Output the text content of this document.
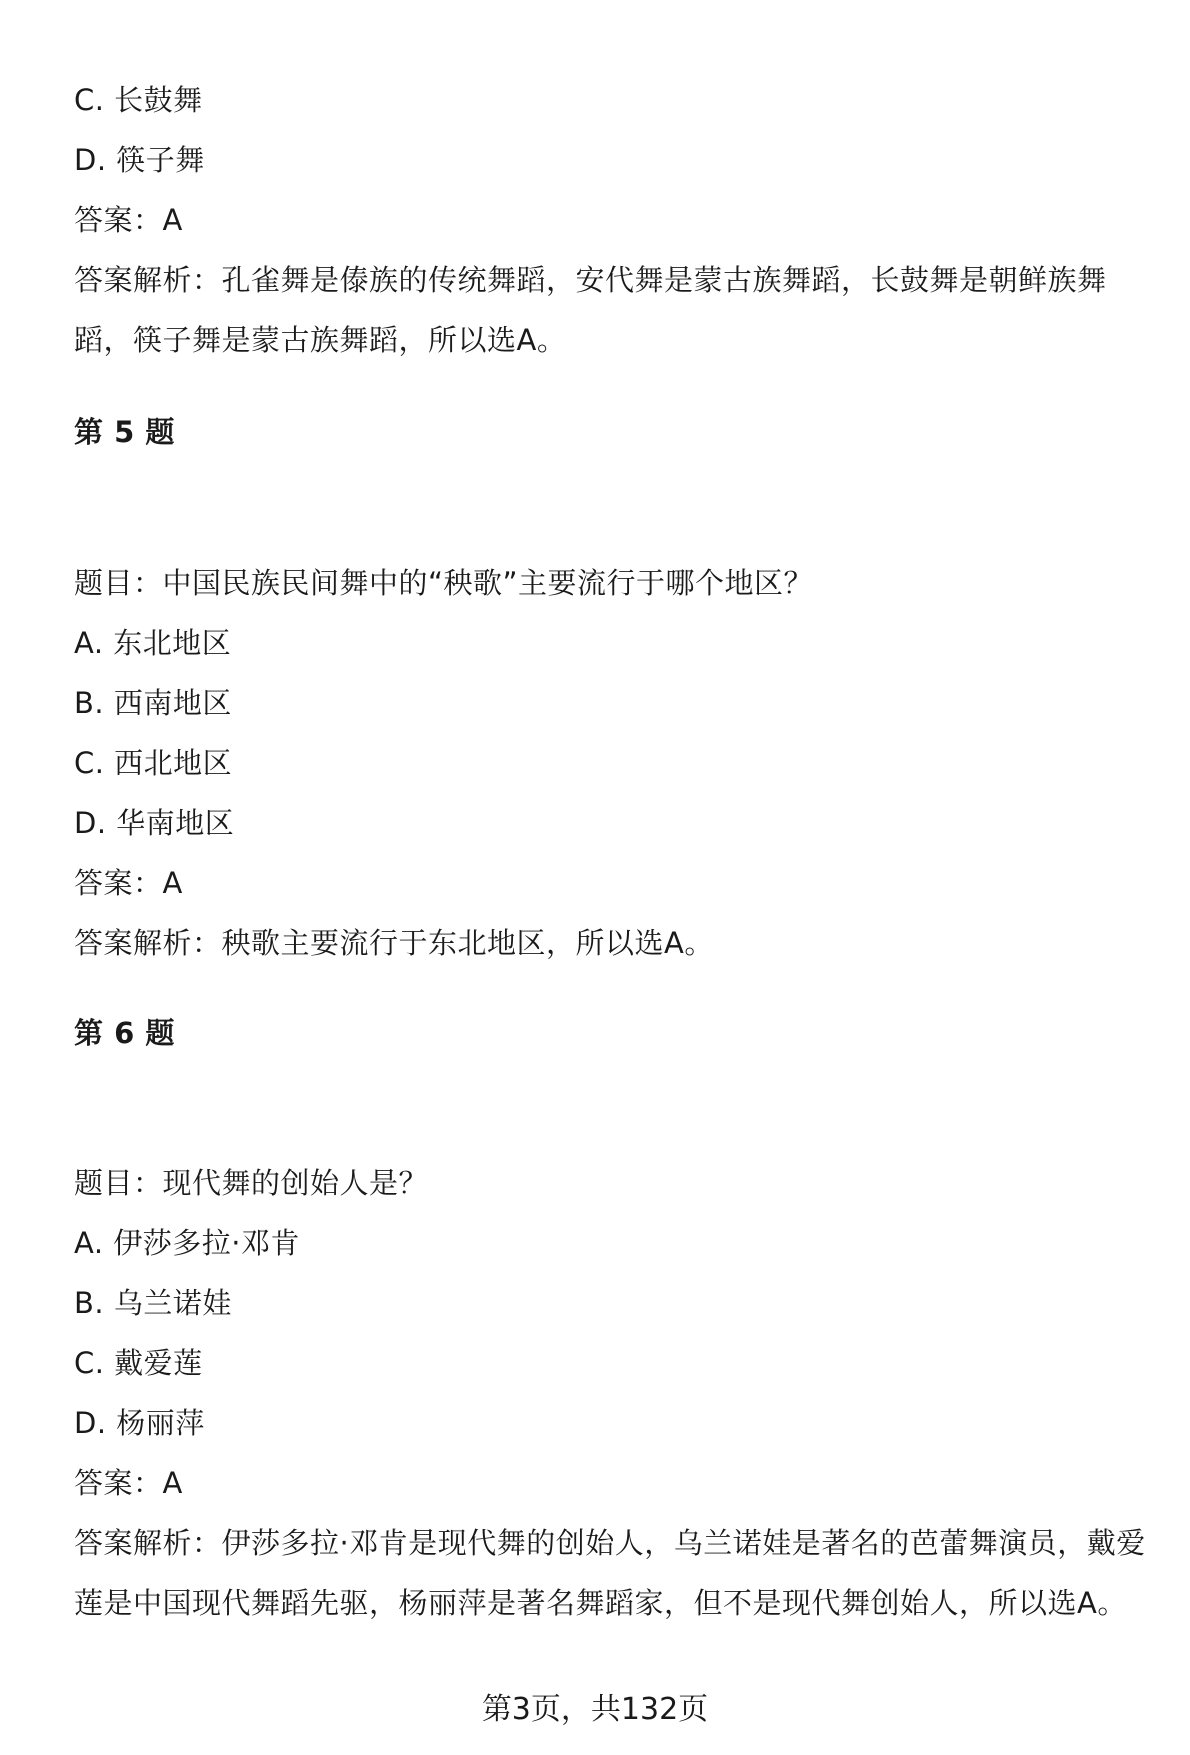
C. 长鼓舞
D. 筷子舞
答案：A
答案解析：孔雀舞是傣族的传统舞蹈，安代舞是蒙古族舞蹈，长鼓舞是朝鲜族舞
蹈，筷子舞是蒙古族舞蹈，所以选A。
第 5 题
题目：中国民族民间舞中的“秧歌”主要流行于哪个地区？
A. 东北地区
B. 西南地区
C. 西北地区
D. 华南地区
答案：A
答案解析：秧歌主要流行于东北地区，所以选A。
第 6 题
题目：现代舞的创始人是？
A. 伊莎多拉·邓肯
B. 乌兰诺娃
C. 戴爱莲
D. 杨丽萍
答案：A
答案解析：伊莎多拉·邓肯是现代舞的创始人，乌兰诺娃是著名的芭蕾舞演员，戴爱
莲是中国现代舞蹈先驱，杨丽萍是著名舞蹈家，但不是现代舞创始人，所以选A。
第3页，共132页
